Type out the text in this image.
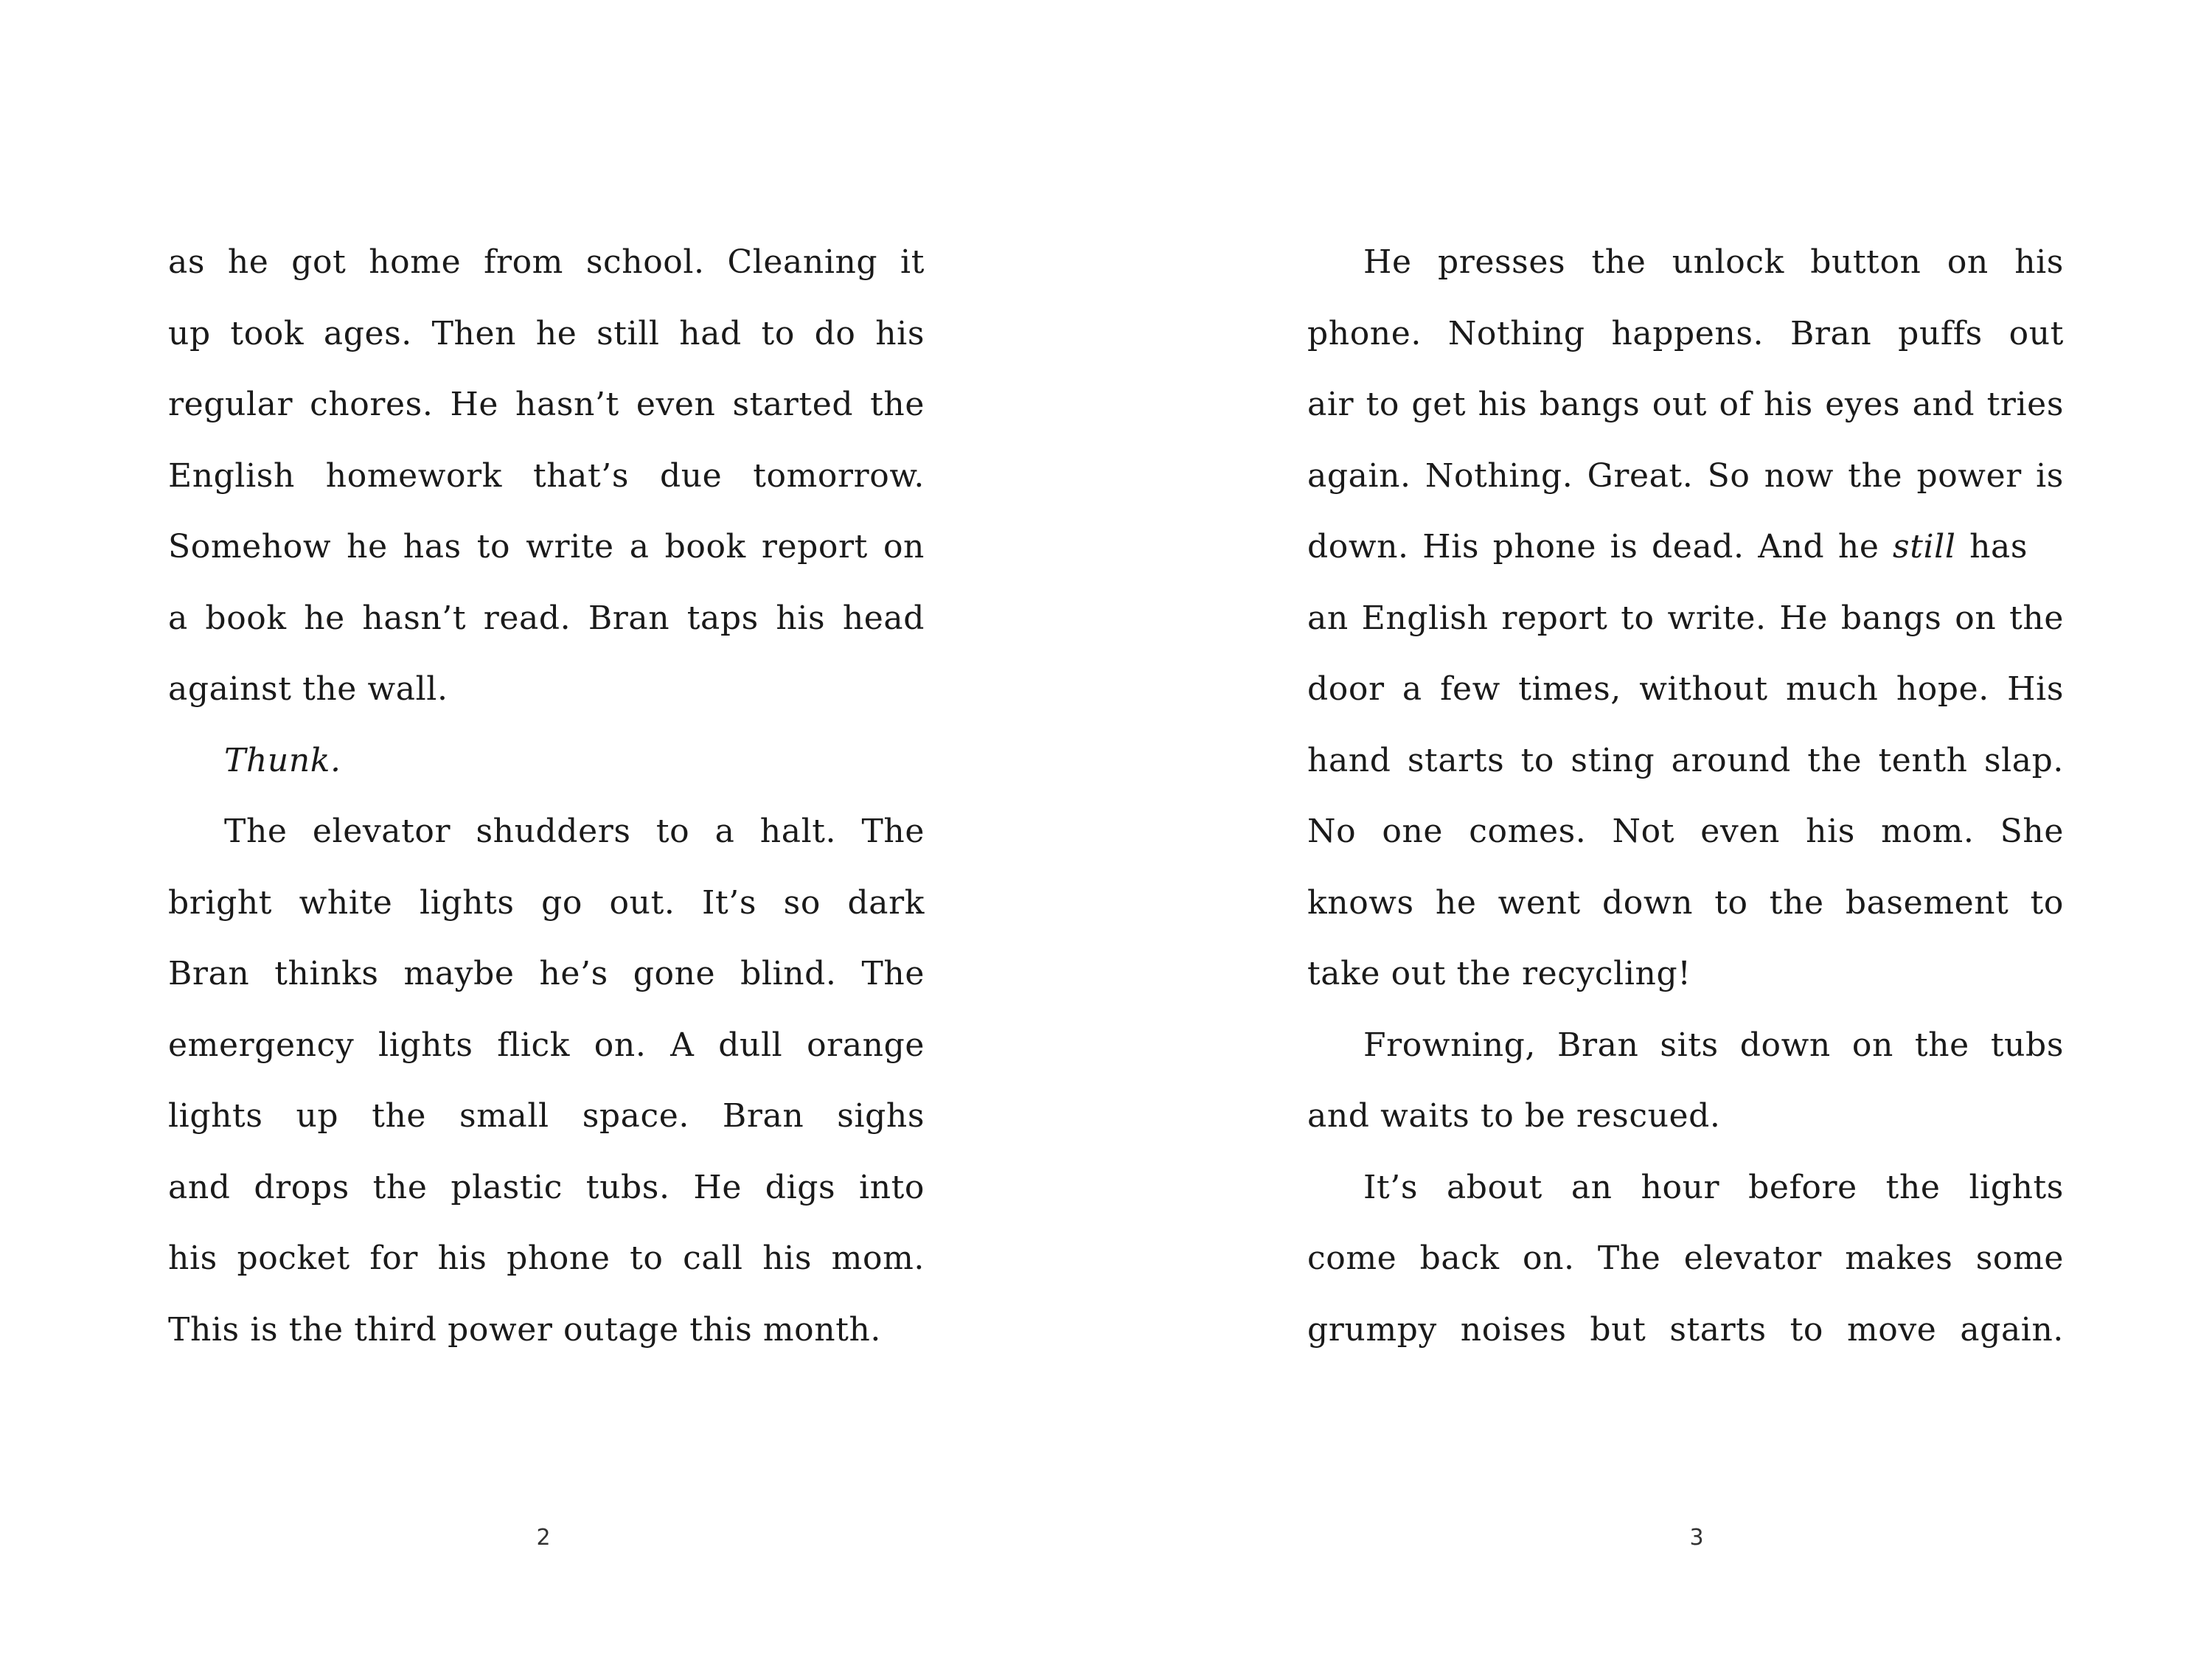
as he got home from school. Cleaning it
up took ages. Then he still had to do his
regular chores. He hasn’t even started the
English homework that’s due tomorrow.
Somehow he has to write a book report on
a book he hasn’t read. Bran taps his head
against the wall.
Thunk.
The elevator shudders to a halt. The
bright white lights go out. It’s so dark
Bran thinks maybe he’s gone blind. The
emergency lights flick on. A dull orange
lights up the small space. Bran sighs
and drops the plastic tubs. He digs into
his pocket for his phone to call his mom.
This is the third power outage this month.
2
He presses the unlock button on his
phone. Nothing happens. Bran puffs out
air to get his bangs out of his eyes and tries
again. Nothing. Great. So now the power is
down. His phone is dead. And he still has
an English report to write. He bangs on the
door a few times, without much hope. His
hand starts to sting around the tenth slap.
No one comes. Not even his mom. She
knows he went down to the basement to
take out the recycling!
Frowning, Bran sits down on the tubs
and waits to be rescued.
It’s about an hour before the lights
come back on. The elevator makes some
grumpy noises but starts to move again.
3
